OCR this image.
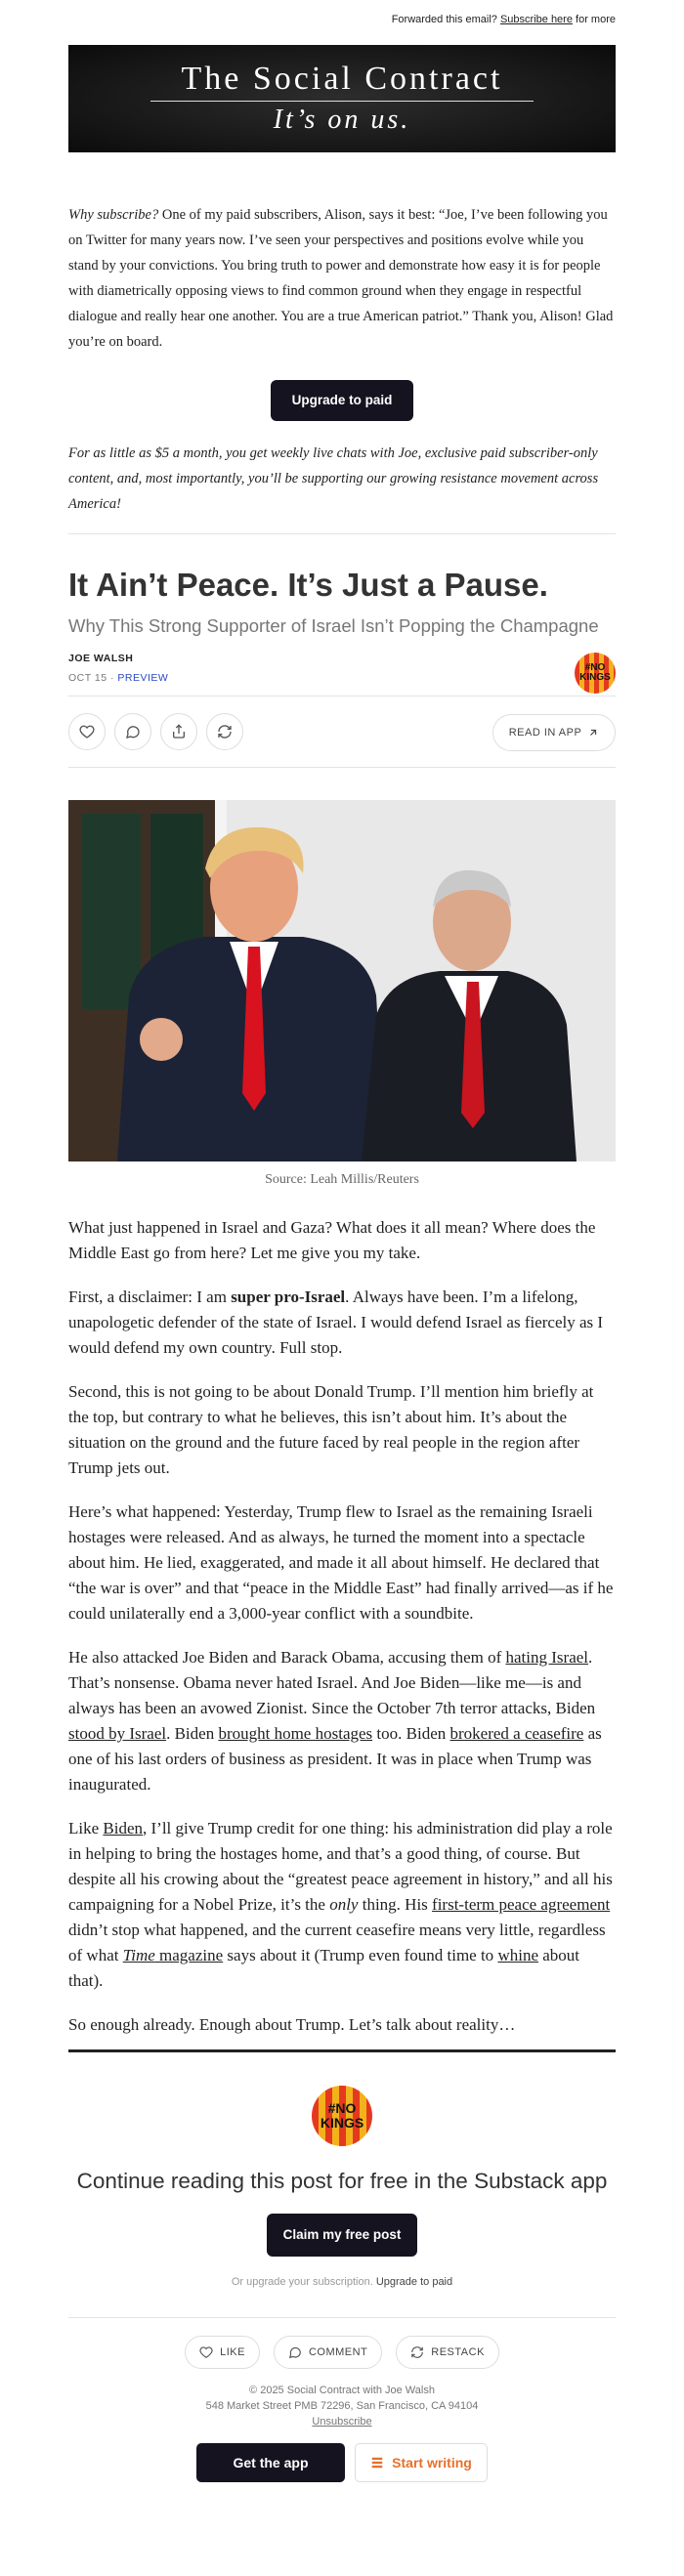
Forwarded this email? Subscribe here for more
The Social Contract
It’s on us.
Why subscribe? One of my paid subscribers, Alison, says it best: “Joe, I’ve been following you on Twitter for many years now. I’ve seen your perspectives and positions evolve while you stand by your convictions. You bring truth to power and demonstrate how easy it is for people with diametrically opposing views to find common ground when they engage in respectful dialogue and really hear one another. You are a true American patriot.” Thank you, Alison! Glad you’re on board.
Upgrade to paid
For as little as $5 a month, you get weekly live chats with Joe, exclusive paid subscriber-only content, and, most importantly, you’ll be supporting our growing resistance movement across America!
It Ain’t Peace. It’s Just a Pause.
Why This Strong Supporter of Israel Isn’t Popping the Champagne
JOE WALSH
OCT 15 · PREVIEW
#NO KINGS
READ IN APP
Source: Leah Millis/Reuters

What just happened in Israel and Gaza? What does it all mean? Where does the Middle East go from here? Let me give you my take.

First, a disclaimer: I am super pro-Israel. Always have been. I’m a lifelong, unapologetic defender of the state of Israel. I would defend Israel as fiercely as I would defend my own country. Full stop.

Second, this is not going to be about Donald Trump. I’ll mention him briefly at the top, but contrary to what he believes, this isn’t about him. It’s about the situation on the ground and the future faced by real people in the region after Trump jets out.

Here’s what happened: Yesterday, Trump flew to Israel as the remaining Israeli hostages were released. And as always, he turned the moment into a spectacle about him. He lied, exaggerated, and made it all about himself. He declared that “the war is over” and that “peace in the Middle East” had finally arrived—as if he could unilaterally end a 3,000-year conflict with a soundbite.

He also attacked Joe Biden and Barack Obama, accusing them of hating Israel. That’s nonsense. Obama never hated Israel. And Joe Biden—like me—is and always has been an avowed Zionist. Since the October 7th terror attacks, Biden stood by Israel. Biden brought home hostages too. Biden brokered a ceasefire as one of his last orders of business as president. It was in place when Trump was inaugurated.

Like Biden, I’ll give Trump credit for one thing: his administration did play a role in helping to bring the hostages home, and that’s a good thing, of course. But despite all his crowing about the “greatest peace agreement in history,” and all his campaigning for a Nobel Prize, it’s the only thing. His first-term peace agreement didn’t stop what happened, and the current ceasefire means very little, regardless of what Time magazine says about it (Trump even found time to whine about that).

So enough already. Enough about Trump. Let’s talk about reality…

#NO KINGS
Continue reading this post for free in the Substack app
Claim my free post
Or upgrade your subscription. Upgrade to paid
LIKE	COMMENT	RESTACK
© 2025 Social Contract with Joe Walsh
548 Market Street PMB 72296, San Francisco, CA 94104
Unsubscribe
Get the app	Start writing
